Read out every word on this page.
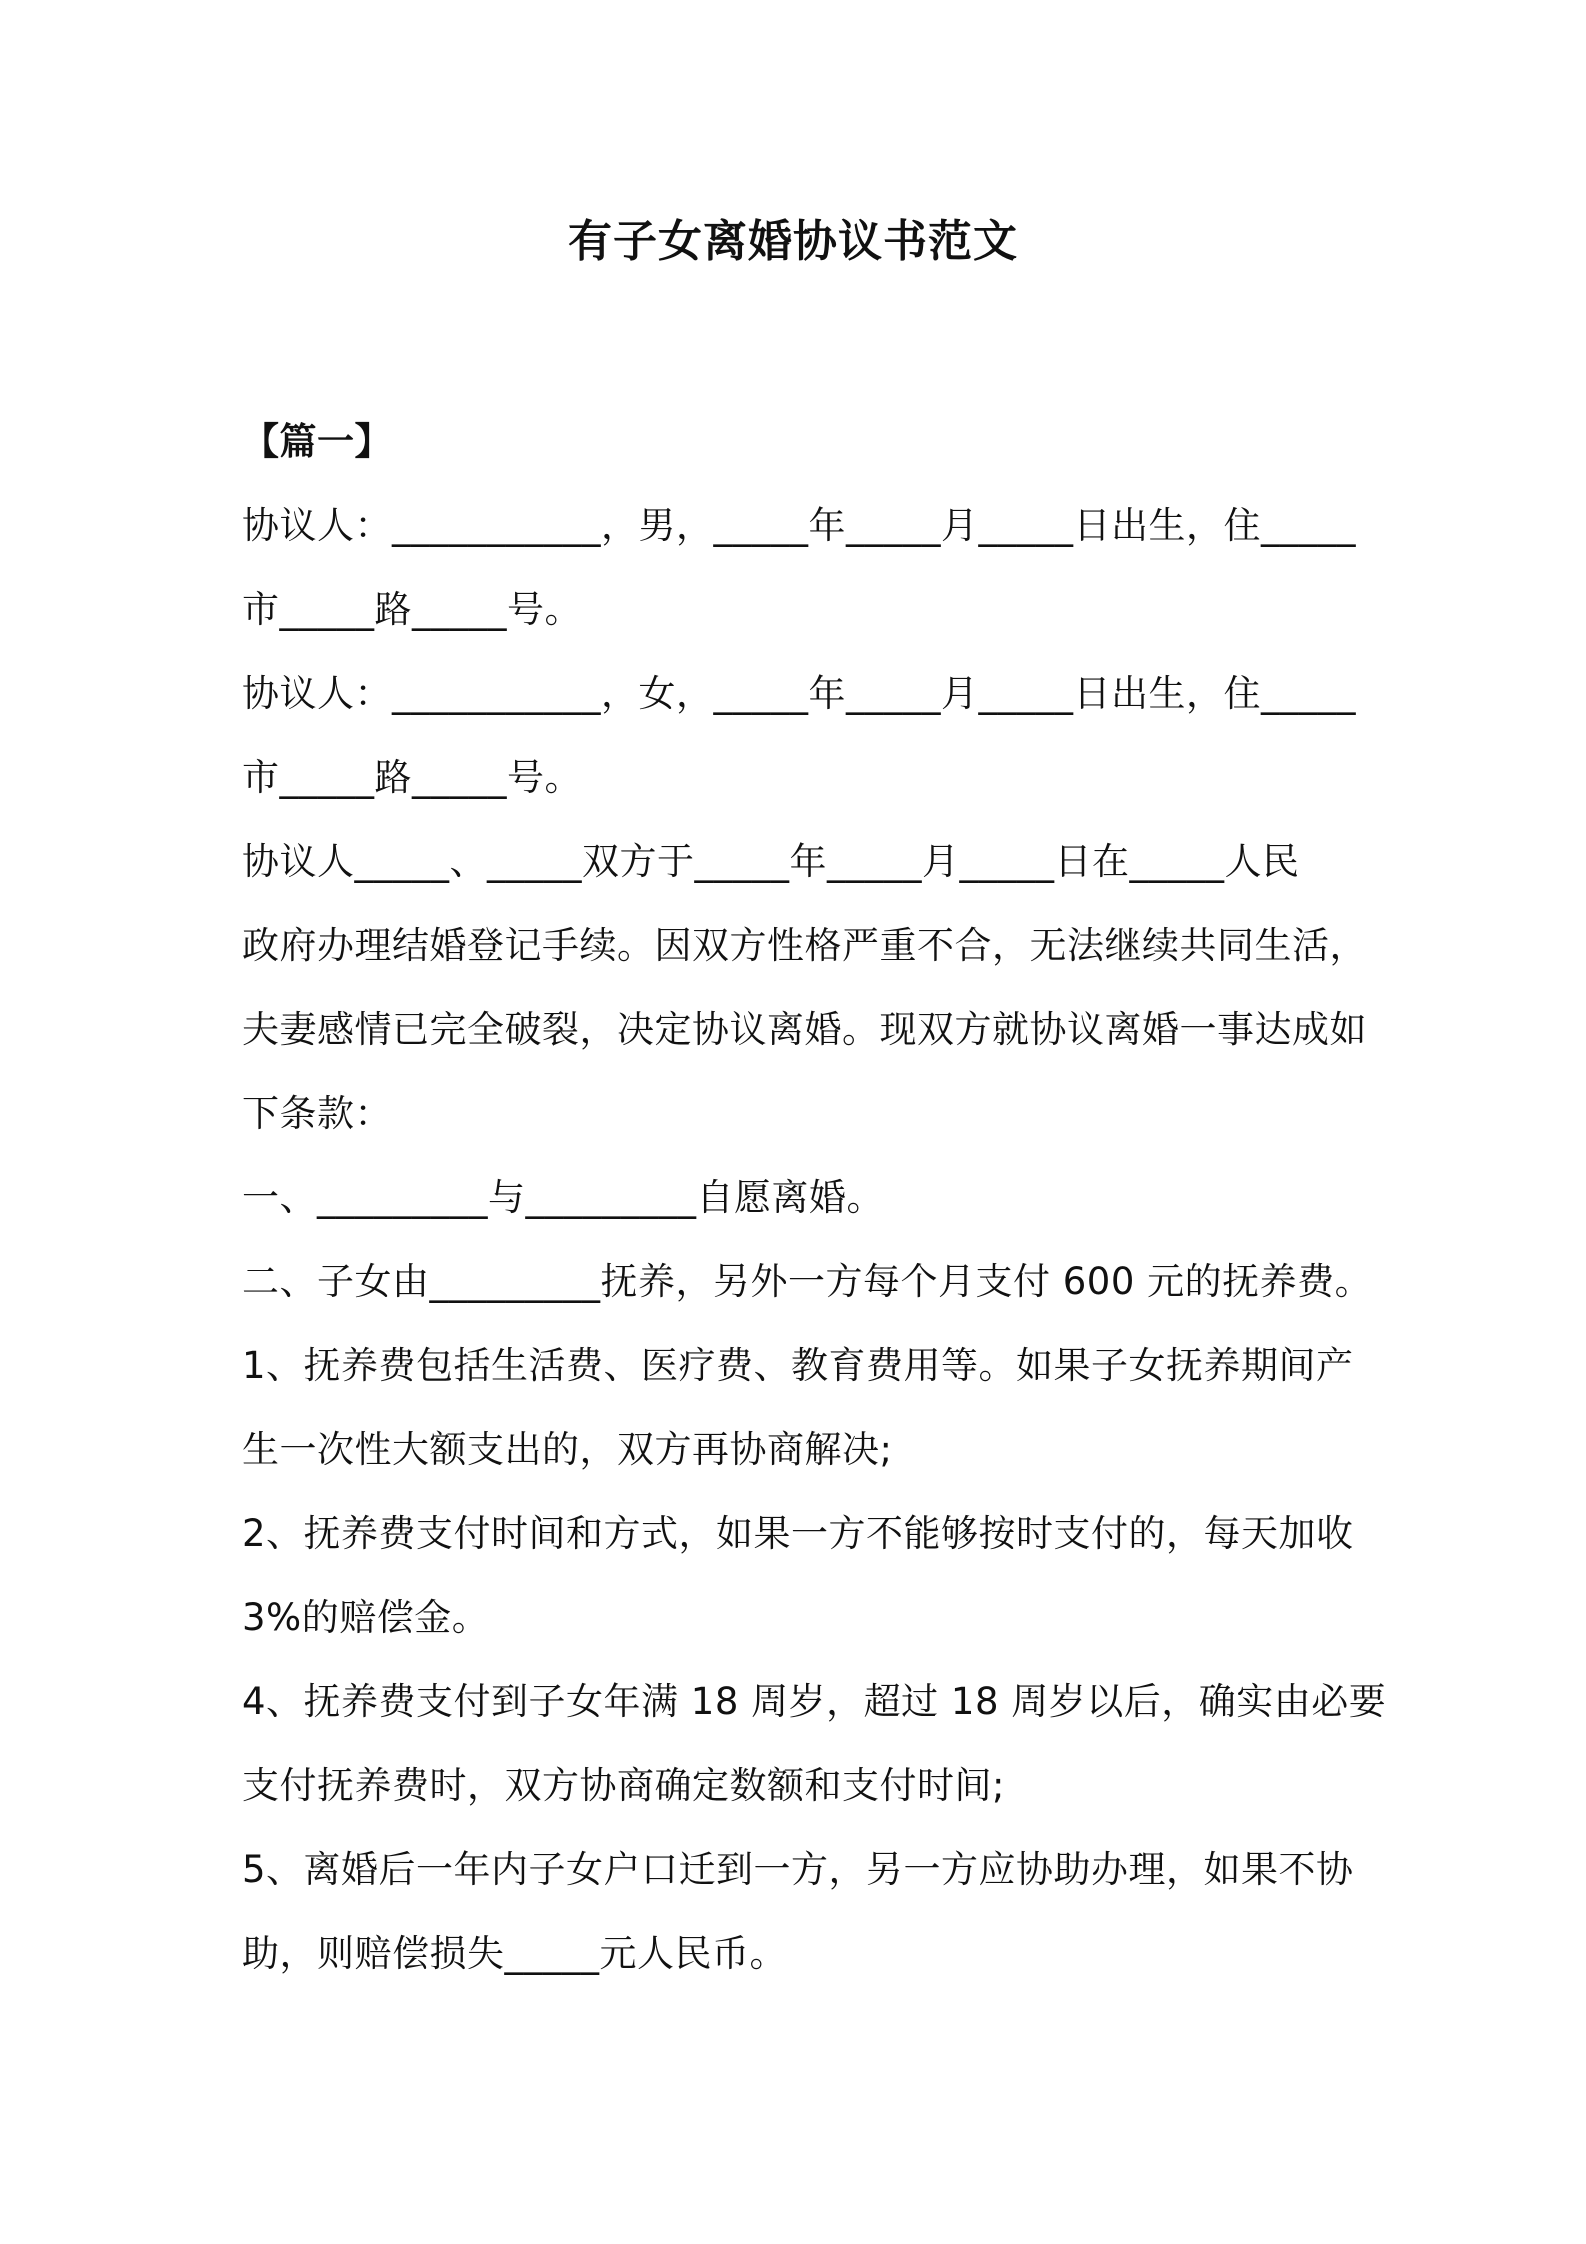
有子女离婚协议书范文
【篇一】
协议人：___________，男，_____年_____月_____日出生，住_____
市_____路_____号。
协议人：___________，女，_____年_____月_____日出生，住_____
市_____路_____号。
协议人_____、_____双方于_____年_____月_____日在_____人民
政府办理结婚登记手续。因双方性格严重不合，无法继续共同生活，
夫妻感情已完全破裂，决定协议离婚。现双方就协议离婚一事达成如
下条款：
一、_________与_________自愿离婚。
二、子女由_________抚养，另外一方每个月支付 600 元的抚养费。
1、抚养费包括生活费、医疗费、教育费用等。如果子女抚养期间产
生一次性大额支出的，双方再协商解决;
2、抚养费支付时间和方式，如果一方不能够按时支付的，每天加收
3%的赔偿金。
4、抚养费支付到子女年满 18 周岁，超过 18 周岁以后，确实由必要
支付抚养费时，双方协商确定数额和支付时间;
5、离婚后一年内子女户口迁到一方，另一方应协助办理，如果不协
助，则赔偿损失_____元人民币。
